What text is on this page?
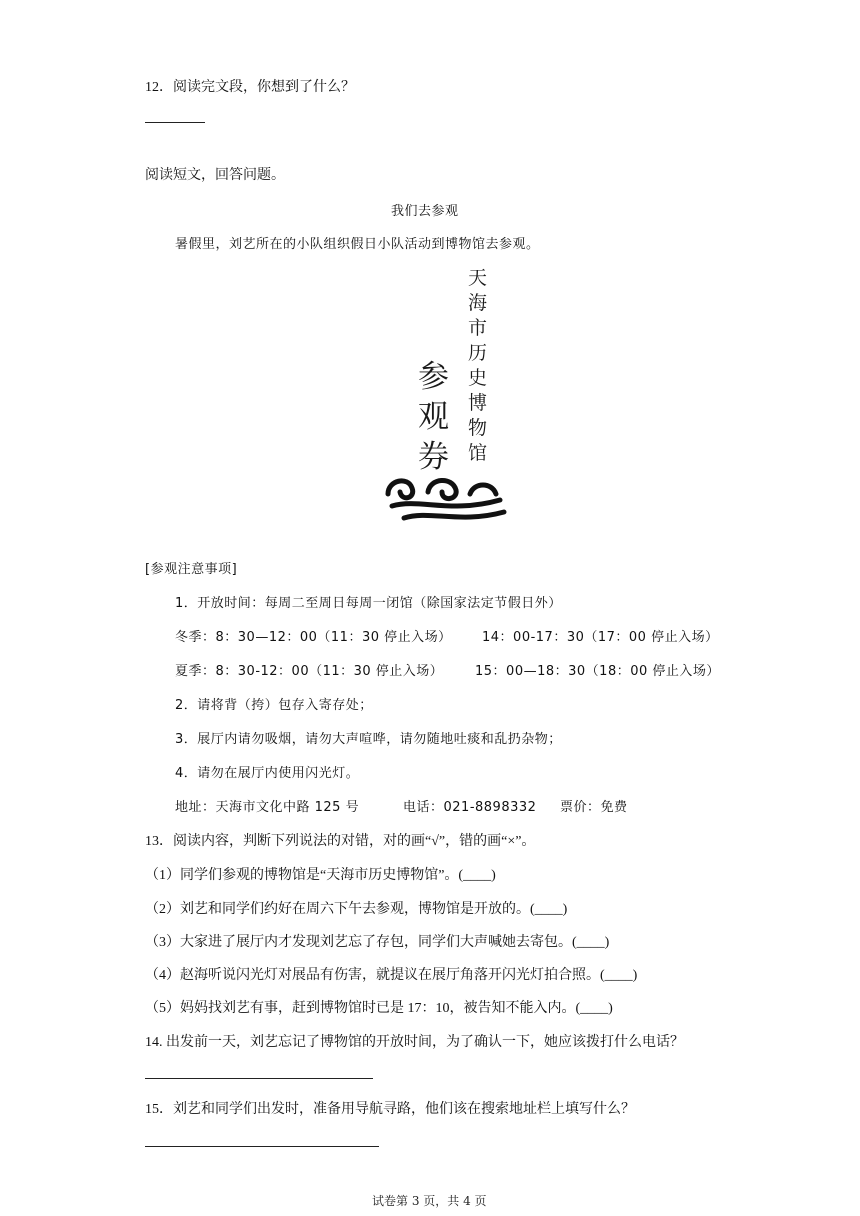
12．阅读完文段，你想到了什么？
阅读短文，回答问题。
我们去参观
暑假里，刘艺所在的小队组织假日小队活动到博物馆去参观。
天
海
市
历
史
博
物
馆
参
观
券
[参观注意事项]
1．开放时间：每周二至周日每周一闭馆（除国家法定节假日外）
冬季：8：30—12：00（11：30 停止入场） 14：00-17：30（17：00 停止入场）
夏季：8：30-12：00（11：30 停止入场） 15：00—18：30（18：00 停止入场）
2．请将背（挎）包存入寄存处；
3．展厅内请勿吸烟，请勿大声喧哗，请勿随地吐痰和乱扔杂物；
4．请勿在展厅内使用闪光灯。
地址：天海市文化中路 125 号	电话：021-8898332 票价：免费
13．阅读内容，判断下列说法的对错，对的画“√”，错的画“×”。
（1）同学们参观的博物馆是“天海市历史博物馆”。(____)
（2）刘艺和同学们约好在周六下午去参观，博物馆是开放的。(____)
（3）大家进了展厅内才发现刘艺忘了存包，同学们大声喊她去寄包。(____)
（4）赵海听说闪光灯对展品有伤害，就提议在展厅角落开闪光灯拍合照。(____)
（5）妈妈找刘艺有事，赶到博物馆时已是 17：10，被告知不能入内。(____)
14. 出发前一天，刘艺忘记了博物馆的开放时间，为了确认一下，她应该拨打什么电话？
15．刘艺和同学们出发时，准备用导航寻路，他们该在搜索地址栏上填写什么？
试卷第 3 页，共 4 页
